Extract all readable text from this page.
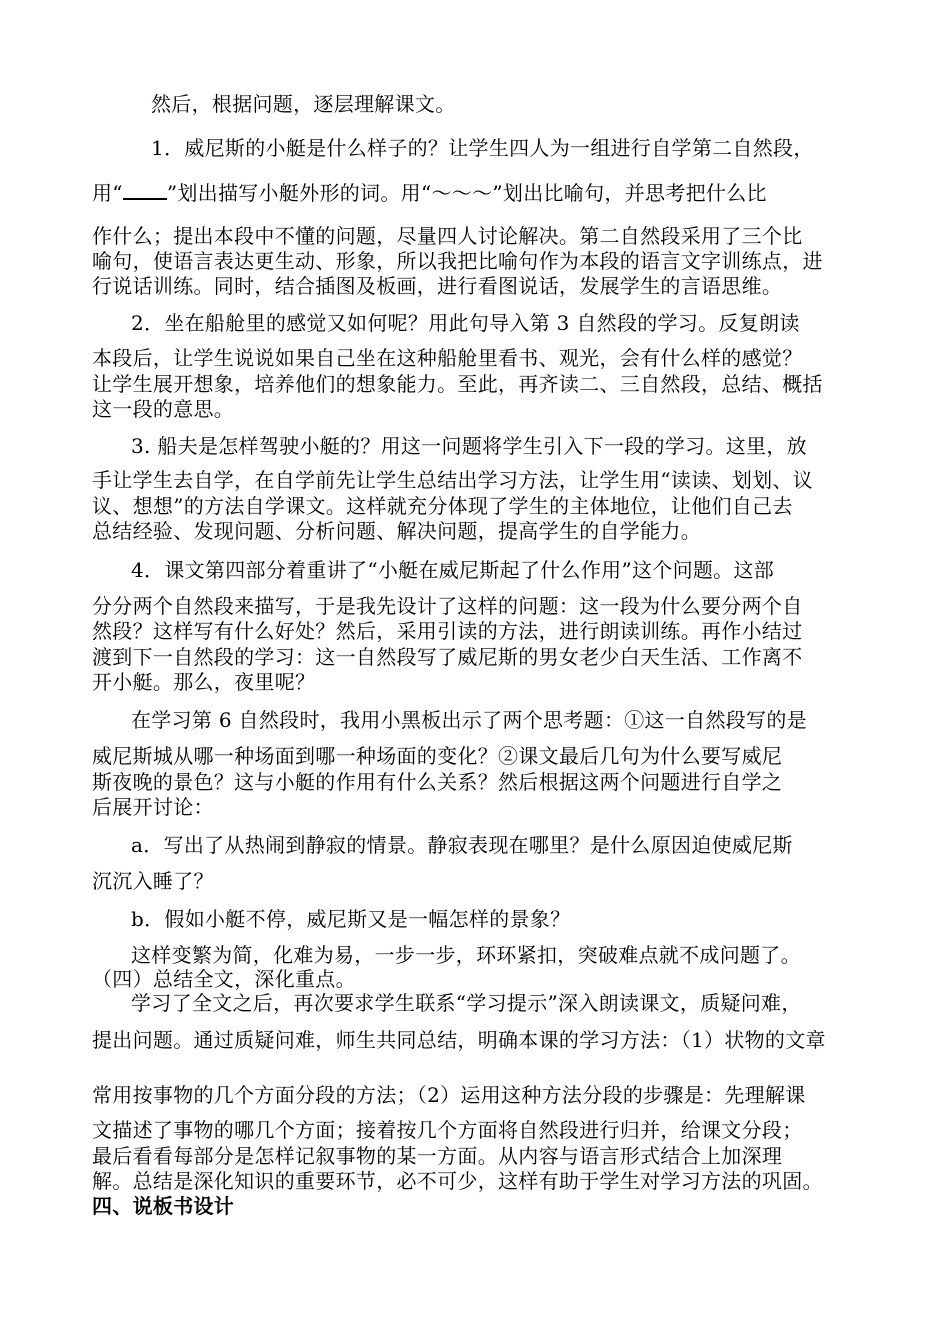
然后，根据问题，逐层理解课文。
1．威尼斯的小艇是什么样子的？让学生四人为一组进行自学第二自然段，
用“ ”划出描写小艇外形的词。用“～～～”划出比喻句，并思考把什么比
作什么；提出本段中不懂的问题，尽量四人讨论解决。第二自然段采用了三个比
喻句，使语言表达更生动、形象，所以我把比喻句作为本段的语言文字训练点，进
行说话训练。同时，结合插图及板画，进行看图说话，发展学生的言语思维。
2．坐在船舱里的感觉又如何呢？用此句导入第 3 自然段的学习。反复朗读
本段后，让学生说说如果自己坐在这种船舱里看书、观光，会有什么样的感觉？
让学生展开想象，培养他们的想象能力。至此，再齐读二、三自然段，总结、概括
这一段的意思。
3. 船夫是怎样驾驶小艇的？用这一问题将学生引入下一段的学习。这里，放
手让学生去自学，在自学前先让学生总结出学习方法，让学生用“读读、划划、议
议、想想”的方法自学课文。这样就充分体现了学生的主体地位，让他们自己去
总结经验、发现问题、分析问题、解决问题，提高学生的自学能力。
4．课文第四部分着重讲了“小艇在威尼斯起了什么作用”这个问题。这部
分分两个自然段来描写，于是我先设计了这样的问题：这一段为什么要分两个自
然段？这样写有什么好处？然后，采用引读的方法，进行朗读训练。再作小结过
渡到下一自然段的学习：这一自然段写了威尼斯的男女老少白天生活、工作离不
开小艇。那么，夜里呢？
在学习第 6 自然段时，我用小黑板出示了两个思考题：①这一自然段写的是
威尼斯城从哪一种场面到哪一种场面的变化？②课文最后几句为什么要写威尼
斯夜晚的景色？这与小艇的作用有什么关系？然后根据这两个问题进行自学之
后展开讨论：
a．写出了从热闹到静寂的情景。静寂表现在哪里？是什么原因迫使威尼斯
沉沉入睡了？
b．假如小艇不停，威尼斯又是一幅怎样的景象？
这样变繁为简，化难为易，一步一步，环环紧扣，突破难点就不成问题了。
（四）总结全文，深化重点。
学习了全文之后，再次要求学生联系“学习提示”深入朗读课文，质疑问难，
提出问题。通过质疑问难，师生共同总结，明确本课的学习方法：（1）状物的文章
常用按事物的几个方面分段的方法；（2）运用这种方法分段的步骤是：先理解课
文描述了事物的哪几个方面；接着按几个方面将自然段进行归并，给课文分段；
最后看看每部分是怎样记叙事物的某一方面。从内容与语言形式结合上加深理
解。总结是深化知识的重要环节，必不可少，这样有助于学生对学习方法的巩固。
四、说板书设计
